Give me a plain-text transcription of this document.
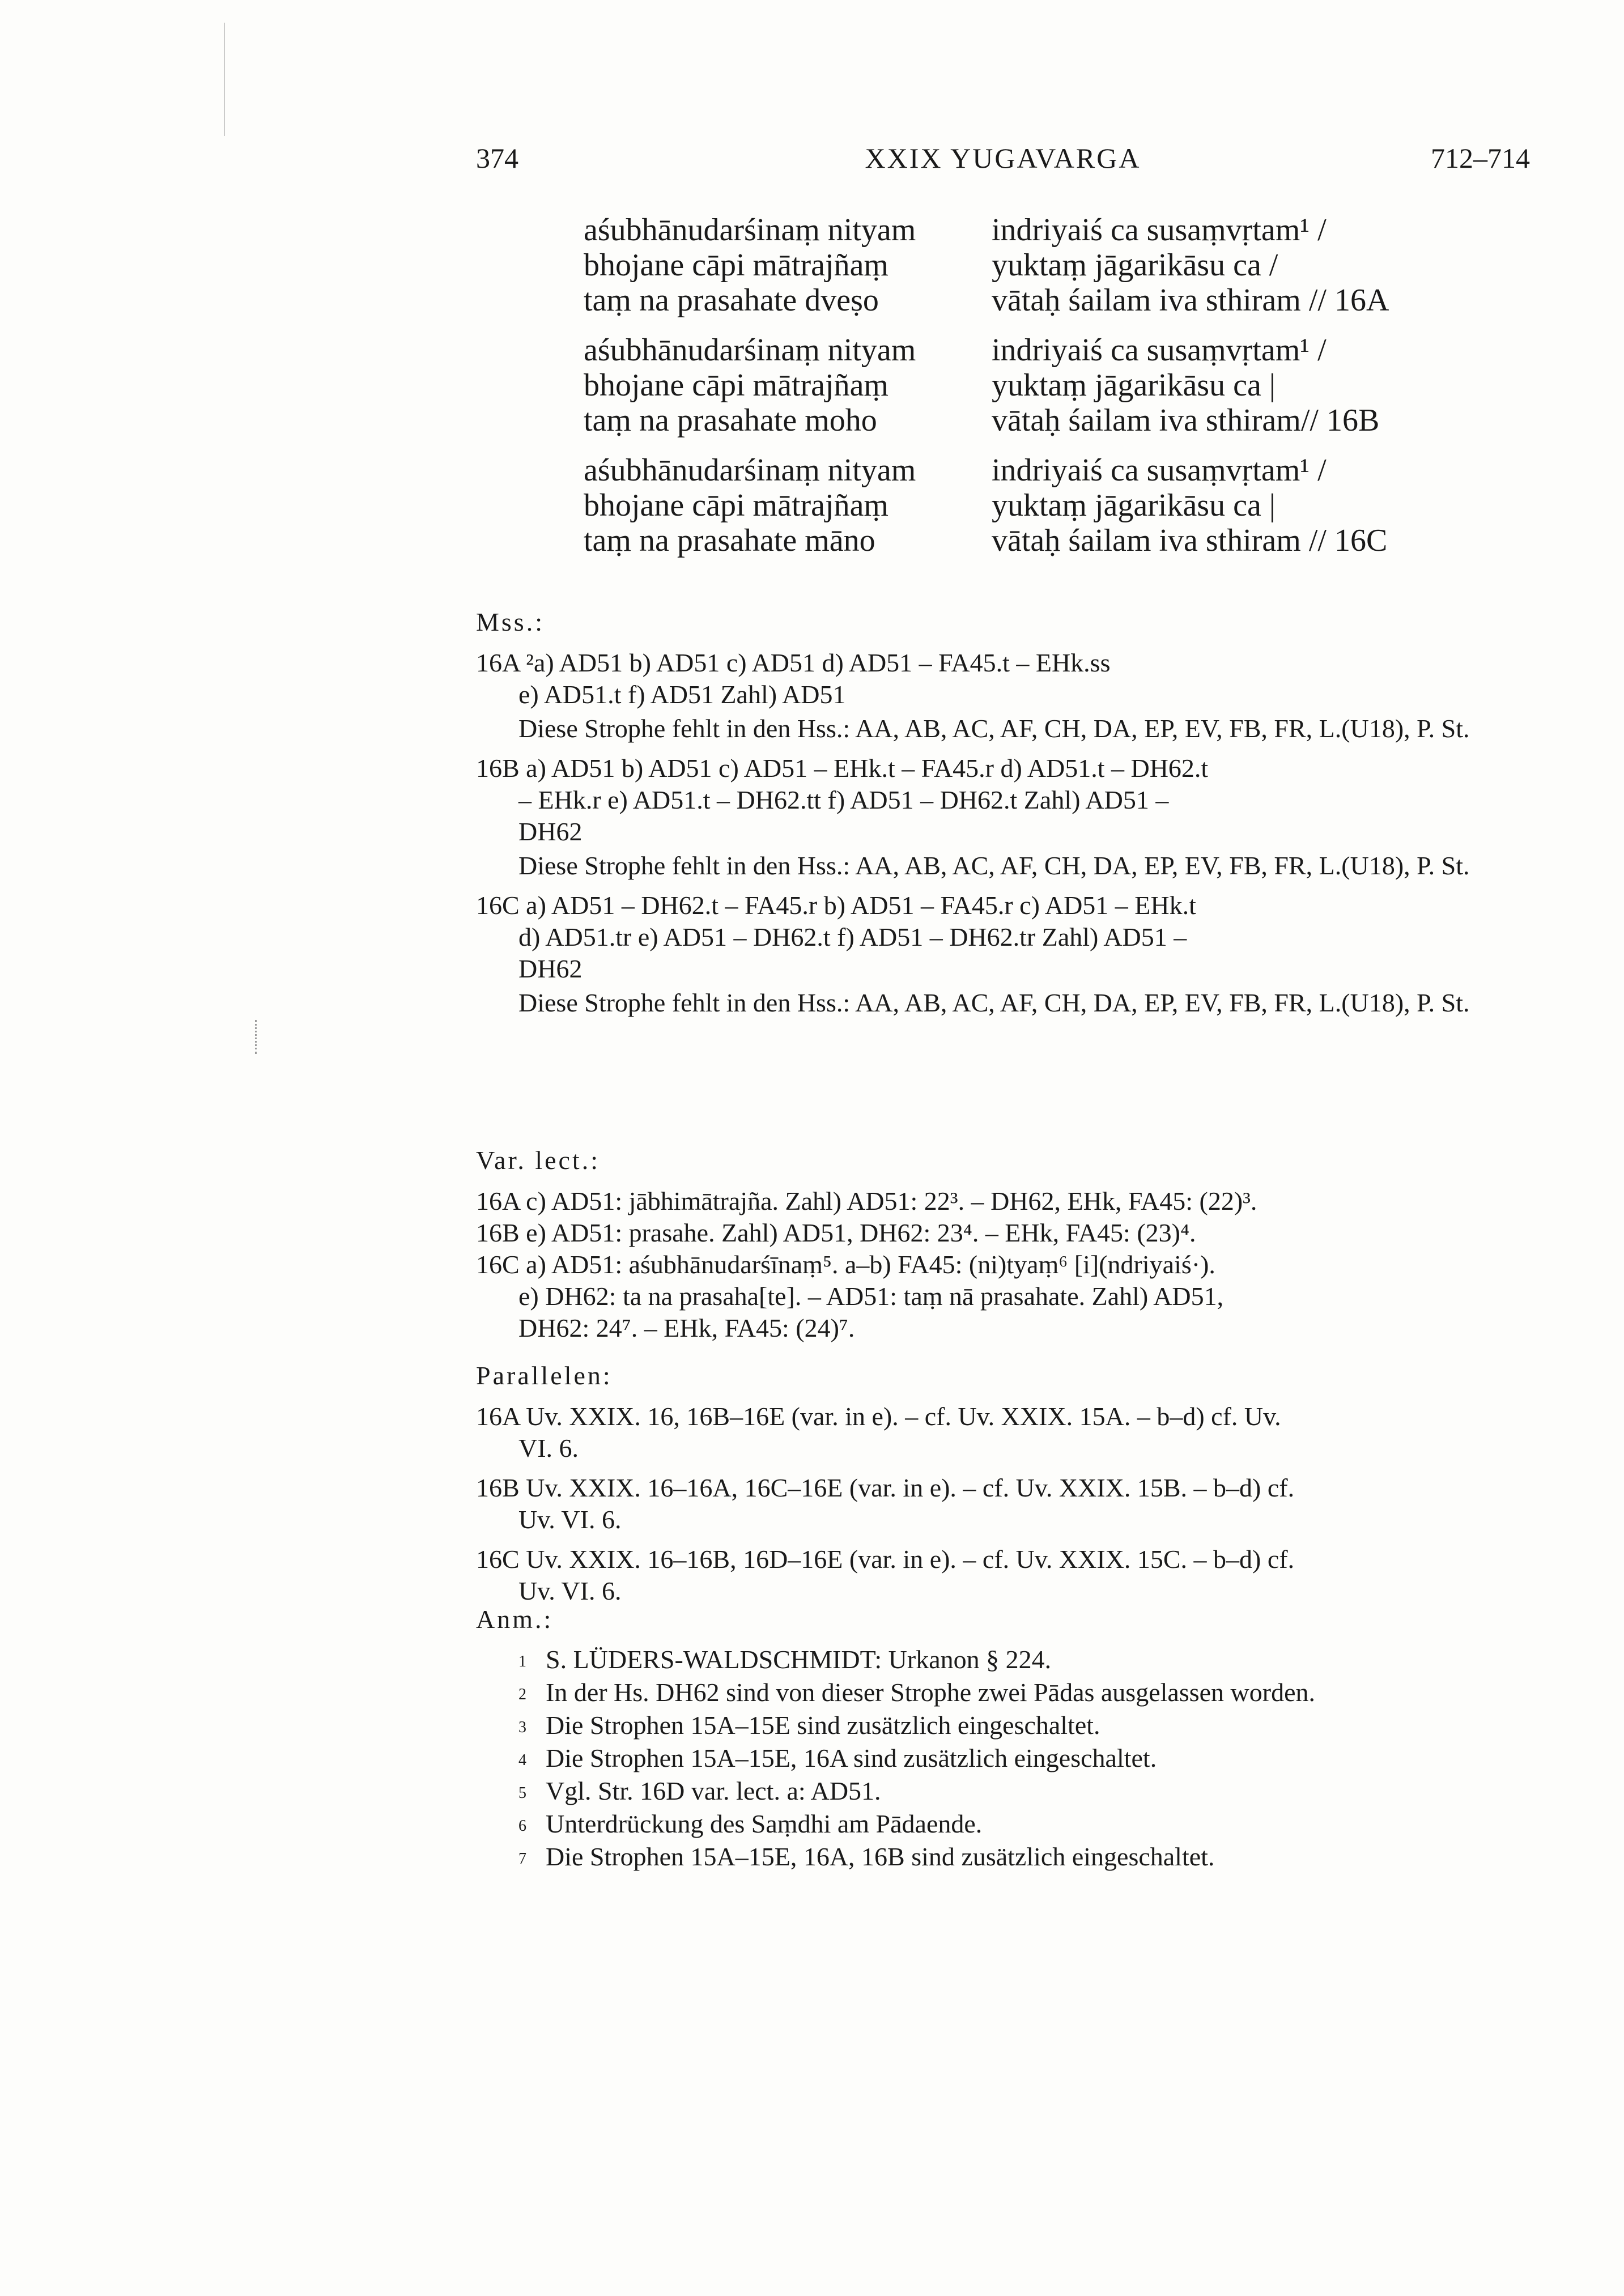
XXIX YUGAVARGA
374	712–714
aśubhānudarśinaṃ nityam	indriyaiś ca susaṃvṛtam¹ /
bhojane cāpi mātrajñaṃ	yuktaṃ jāgarikāsu ca /
taṃ na prasahate dveṣo	vātaḥ śailam iva sthiram // 16A
aśubhānudarśinaṃ nityam	indriyaiś ca susaṃvṛtam¹ /
bhojane cāpi mātrajñaṃ	yuktaṃ jāgarikāsu ca |
taṃ na prasahate moho	vātaḥ śailam iva sthiram// 16B
aśubhānudarśinaṃ nityam	indriyaiś ca susaṃvṛtam¹ /
bhojane cāpi mātrajñaṃ	yuktaṃ jāgarikāsu ca |
taṃ na prasahate māno	vātaḥ śailam iva sthiram // 16C
Mss.:
16A ²a) AD51 b) AD51 c) AD51 d) AD51 – FA45.t – EHk.ss
e) AD51.t f) AD51 Zahl) AD51
Diese Strophe fehlt in den Hss.: AA, AB, AC, AF, CH, DA, EP, EV, FB, FR, L.(U18), P. St.
16B a) AD51 b) AD51 c) AD51 – EHk.t – FA45.r d) AD51.t – DH62.t
– EHk.r e) AD51.t – DH62.tt f) AD51 – DH62.t Zahl) AD51 –
DH62
Diese Strophe fehlt in den Hss.: AA, AB, AC, AF, CH, DA, EP, EV, FB, FR, L.(U18), P. St.
16C a) AD51 – DH62.t – FA45.r b) AD51 – FA45.r c) AD51 – EHk.t
d) AD51.tr e) AD51 – DH62.t f) AD51 – DH62.tr Zahl) AD51 –
DH62
Diese Strophe fehlt in den Hss.: AA, AB, AC, AF, CH, DA, EP, EV, FB, FR, L.(U18), P. St.
Var. lect.:
16A c) AD51: jābhimātrajña. Zahl) AD51: 22³. – DH62, EHk, FA45: (22)³.
16B e) AD51: prasahe. Zahl) AD51, DH62: 23⁴. – EHk, FA45: (23)⁴.
16C a) AD51: aśubhānudarśīnaṃ⁵. a–b) FA45: (ni)tyaṃ⁶ [i](ndriyaiś·).
e) DH62: ta na prasaha[te]. – AD51: taṃ nā prasahate. Zahl) AD51,
DH62: 24⁷. – EHk, FA45: (24)⁷.
Parallelen:
16A Uv. XXIX. 16, 16B–16E (var. in e). – cf. Uv. XXIX. 15A. – b–d) cf. Uv.
VI. 6.
16B Uv. XXIX. 16–16A, 16C–16E (var. in e). – cf. Uv. XXIX. 15B. – b–d) cf.
Uv. VI. 6.
16C Uv. XXIX. 16–16B, 16D–16E (var. in e). – cf. Uv. XXIX. 15C. – b–d) cf.
Uv. VI. 6.
Anm.:
1 S. LÜDERS-WALDSCHMIDT: Urkanon § 224.
2 In der Hs. DH62 sind von dieser Strophe zwei Pādas ausgelassen worden.
3 Die Strophen 15A–15E sind zusätzlich eingeschaltet.
4 Die Strophen 15A–15E, 16A sind zusätzlich eingeschaltet.
5 Vgl. Str. 16D var. lect. a: AD51.
6 Unterdrückung des Saṃdhi am Pādaende.
7 Die Strophen 15A–15E, 16A, 16B sind zusätzlich eingeschaltet.
